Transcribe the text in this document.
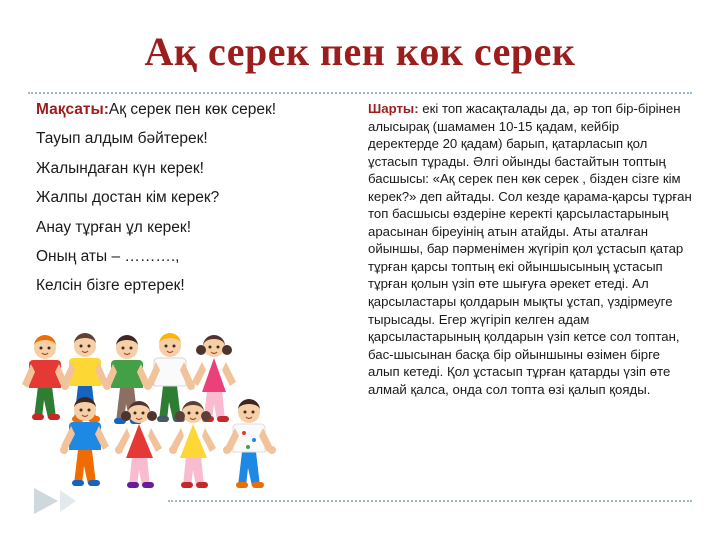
Ақ серек пен көк серек

Мақсаты:Ақ серек пен көк серек!

Тауып алдым бәйтерек!

Жалындаған күн керек!

Жалпы достан кім керек?

Анау тұрған ұл керек!

Оның аты – ……….,

Келсін бізге ертерек!

Шарты: екі топ жасақталады да, әр топ бір-бірінен алысырақ (шамамен 10-15 қадам, кейбір деректерде 20 қадам) барып, қатарласып қол ұстасып тұрады. Әлгі ойынды бастайтын топтың басшысы: «Ақ серек пен көк серек , бізден сізге кім керек?» деп айтады. Сол кезде қарама-қарсы тұрған топ басшысы өздеріне керекті қарсыластарының арасынан біреуінің атын атайды. Аты аталған ойыншы, бар пәрменімен жүгіріп қол ұстасып қатар тұрған қарсы топтың екі ойыншысының ұстасып тұрған қолын үзіп өте шығуға әрекет етеді. Ал қарсыластары қолдарын мықты ұстап, үздірмеуге тырысады. Егер жүгіріп келген адам қарсыластарының қолдарын үзіп кетсе сол топтан, бас-шысынан басқа бір ойыншыны өзімен бірге алып кетеді. Қол ұстасып тұрған қатарды үзіп өте алмай қалса, онда сол топта өзі қалып қояды.
